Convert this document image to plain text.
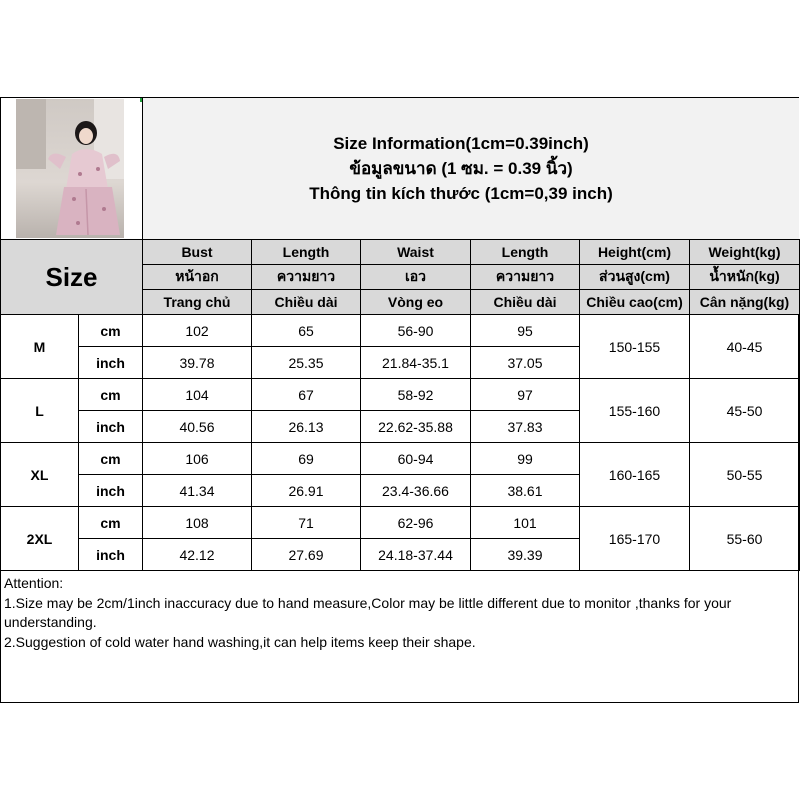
Size Information(1cm=0.39inch)
ข้อมูลขนาด (1 ซม. = 0.39 นิ้ว)
Thông tin kích thước (1cm=0,39 inch)
Size		Bust	Length	Waist	Length	Height(cm)	Weight(kg)
		หน้าอก	ความยาว	เอว	ความยาว	ส่วนสูง(cm)	น้ำหนัก(kg)
		Trang chủ	Chiều dài	Vòng eo	Chiều dài	Chiều cao(cm)	Cân nặng(kg)
M	cm	102	65	56-90	95	150-155	40-45
	inch	39.78	25.35	21.84-35.1	37.05		
L	cm	104	67	58-92	97	155-160	45-50
	inch	40.56	26.13	22.62-35.88	37.83		
XL	cm	106	69	60-94	99	160-165	50-55
	inch	41.34	26.91	23.4-36.66	38.61		
2XL	cm	108	71	62-96	101	165-170	55-60
	inch	42.12	27.69	24.18-37.44	39.39		
Attention:
1.Size may be 2cm/1inch inaccuracy due to hand measure,Color may be little different due to monitor ,thanks for your understanding.
2.Suggestion of cold water hand washing,it can help items keep their shape.
